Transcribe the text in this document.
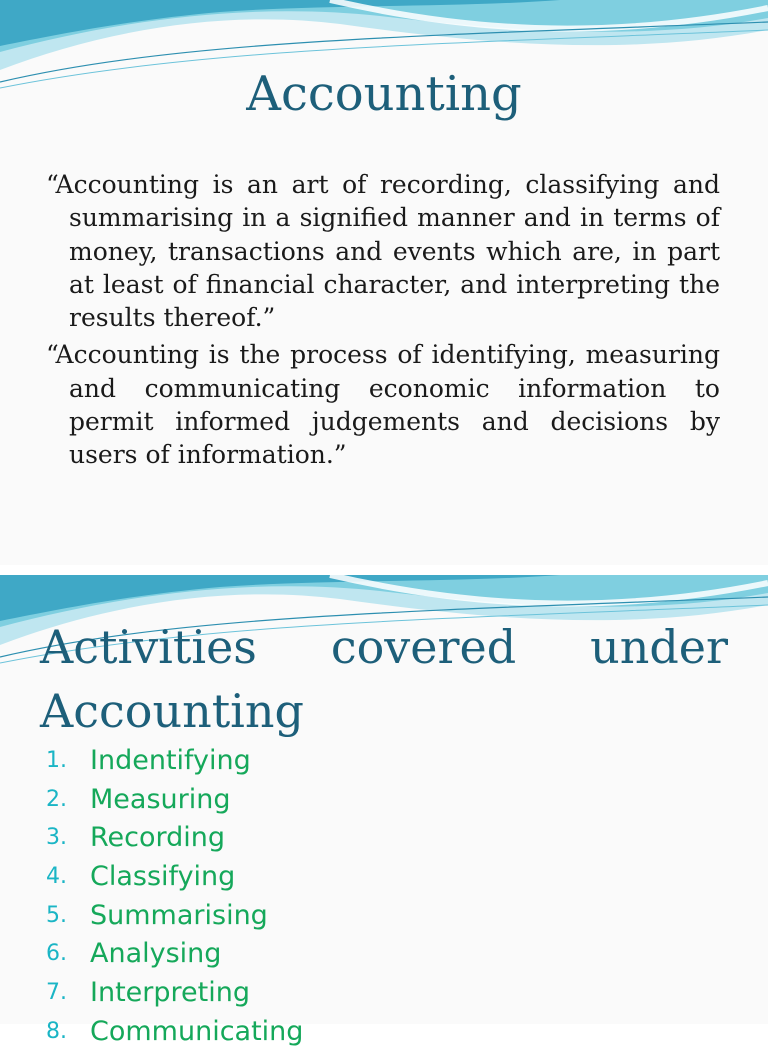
Accounting

“Accounting is an art of recording, classifying and summarising in a signified manner and in terms of money, transactions and events which are, in part at least of financial character, and interpreting the results thereof.”

“Accounting is the process of identifying, measuring and communicating economic information to permit informed judgements and decisions by users of information.”

Activities covered under
Accounting
1. Indentifying
2. Measuring
3. Recording
4. Classifying
5. Summarising
6. Analysing
7. Interpreting
8. Communicating
